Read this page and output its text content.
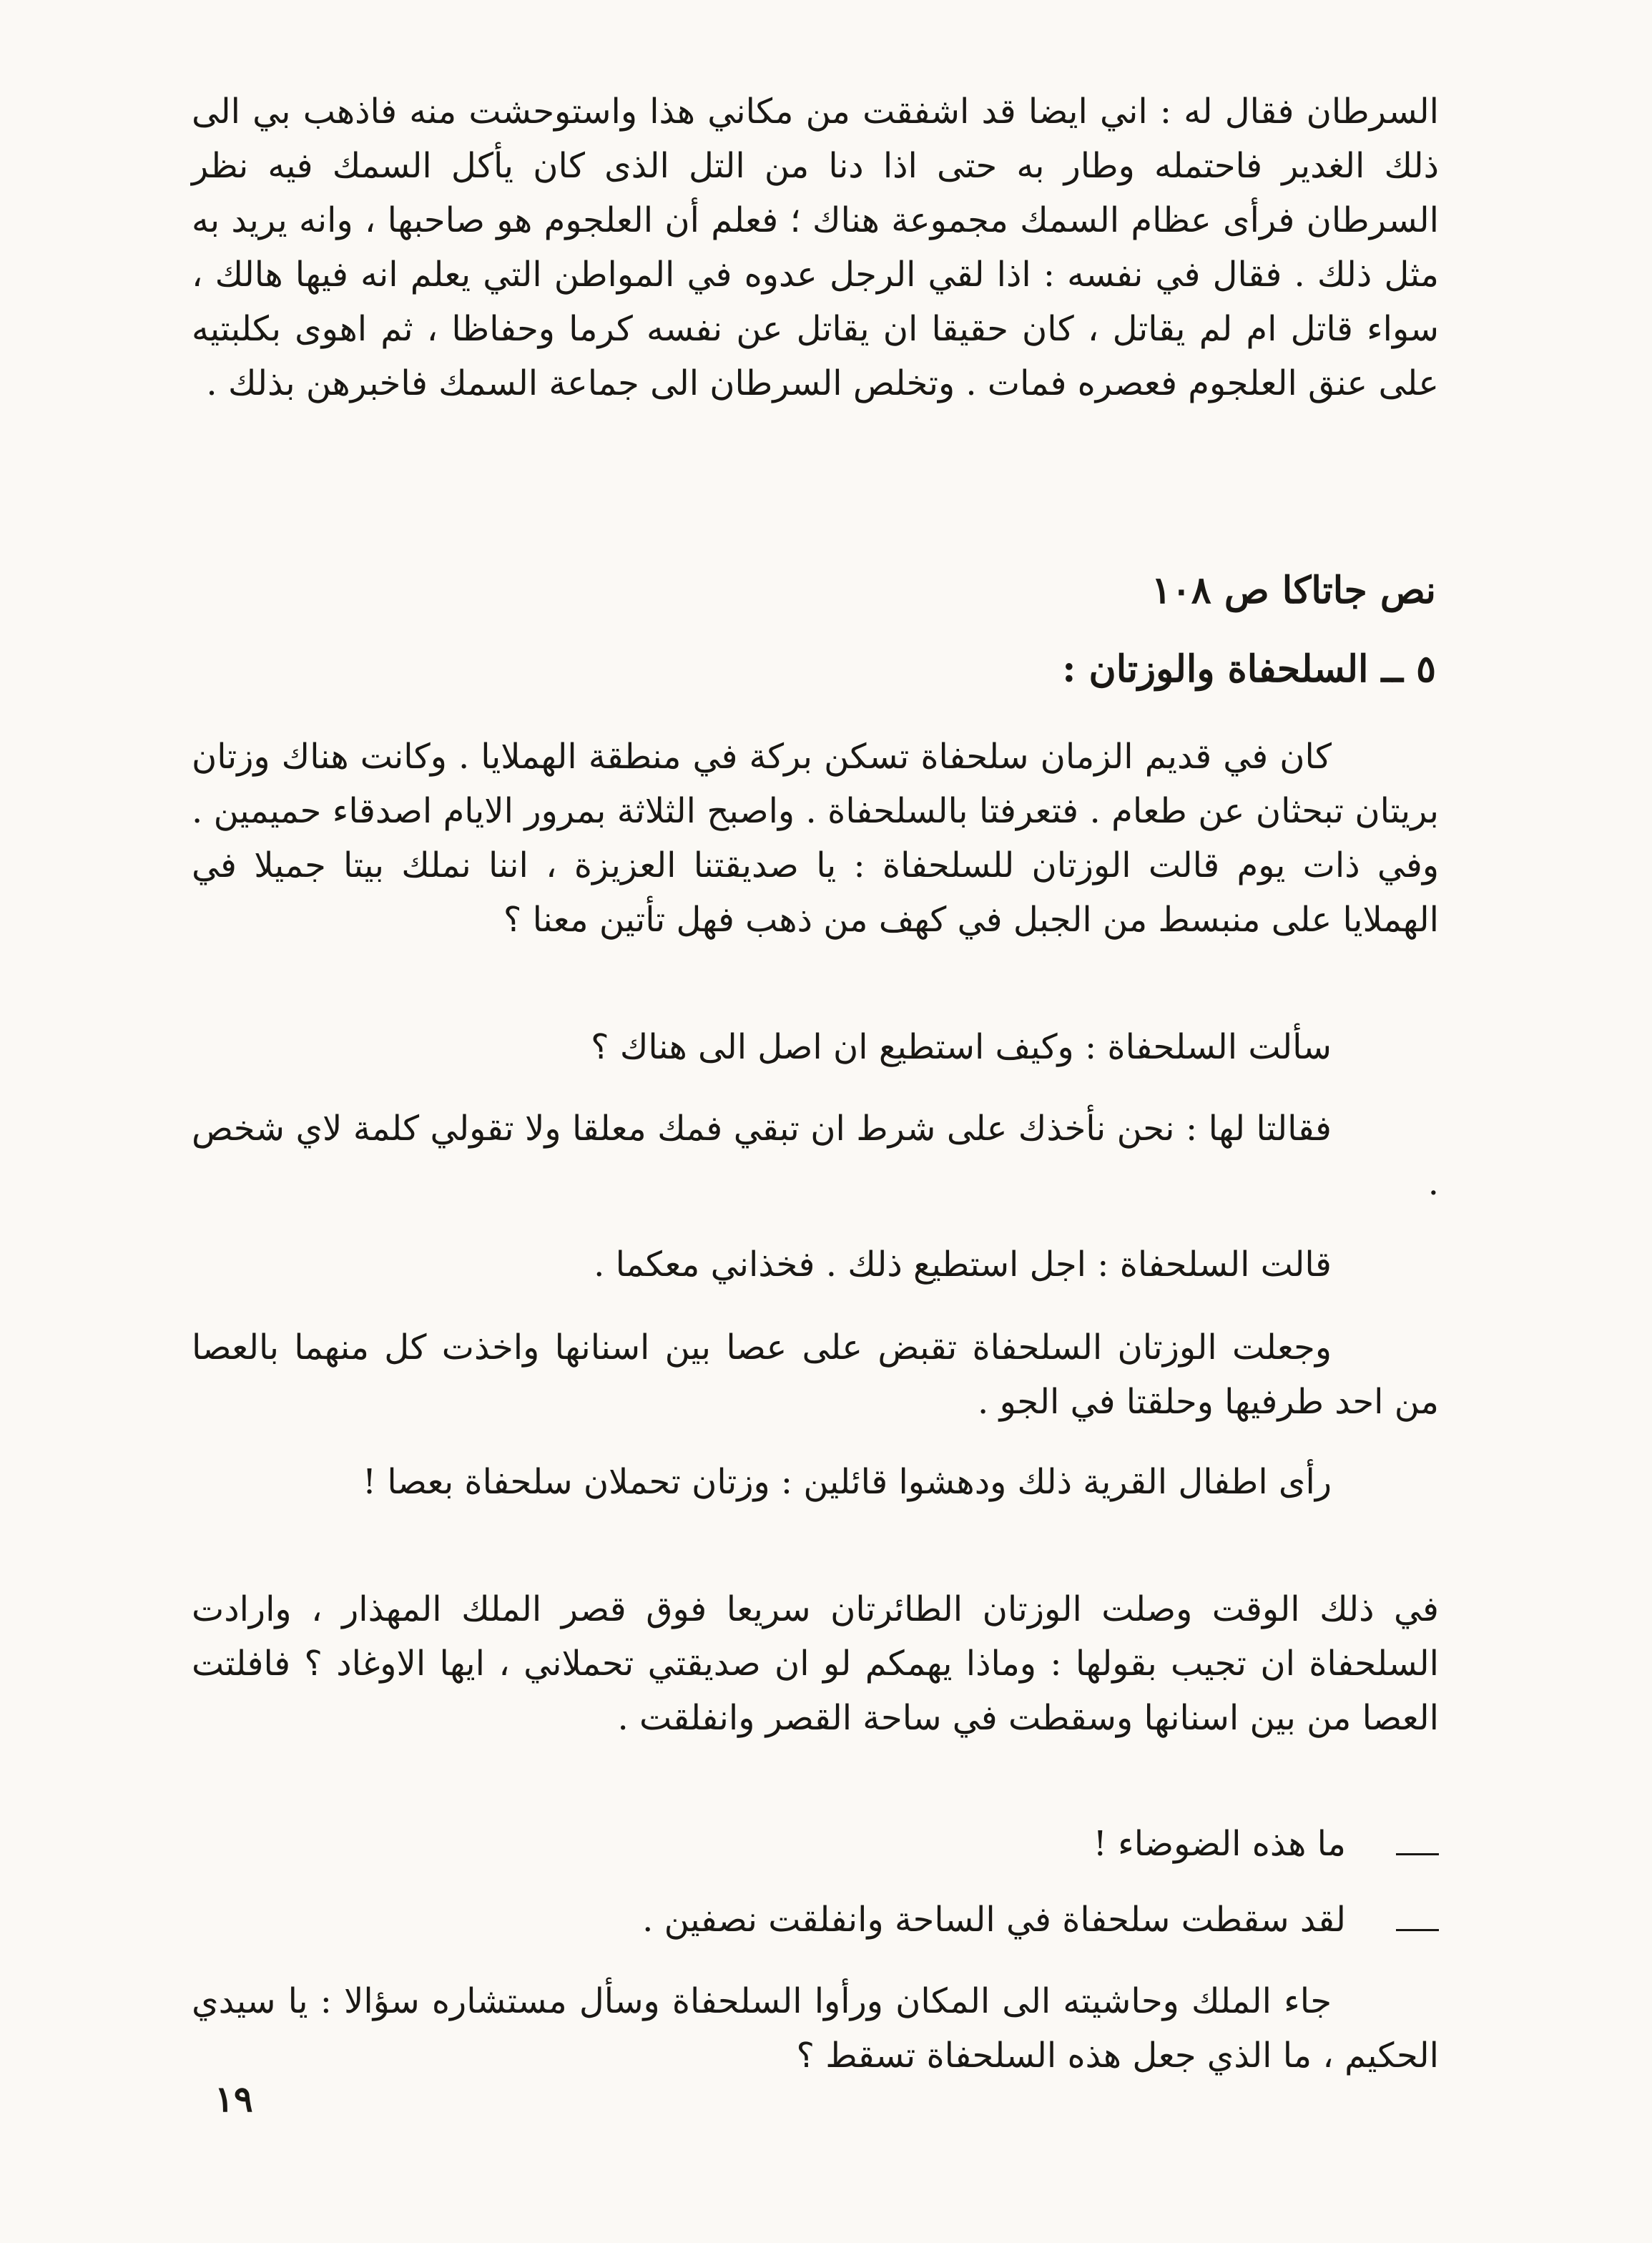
السرطان فقال له : اني ايضا قد اشفقت من مكاني هذا واستوحشت منه فاذهب بي الى ذلك الغدير فاحتمله وطار به حتى اذا دنا من التل الذى كان يأكل السمك فيه نظر السرطان فرأى عظام السمك مجموعة هناك ؛ فعلم أن العلجوم هو صاحبها ، وانه يريد به مثل ذلك . فقال في نفسه : اذا لقي الرجل عدوه في المواطن التي يعلم انه فيها هالك ، سواء قاتل ام لم يقاتل ، كان حقيقا ان يقاتل عن نفسه كرما وحفاظا ، ثم اهوى بكلبتيه على عنق العلجوم فعصره فمات . وتخلص السرطان الى جماعة السمك فاخبرهن بذلك .

نص جاتاكا ص ١٠٨

٥ ــ السلحفاة والوزتان :

كان في قديم الزمان سلحفاة تسكن بركة في منطقة الهملايا . وكانت هناك وزتان بريتان تبحثان عن طعام . فتعرفتا بالسلحفاة . واصبح الثلاثة بمرور الايام اصدقاء حميمين . وفي ذات يوم قالت الوزتان للسلحفاة : يا صديقتنا العزيزة ، اننا نملك بيتا جميلا في الهملايا على منبسط من الجبل في كهف من ذهب فهل تأتين معنا ؟

سألت السلحفاة : وكيف استطيع ان اصل الى هناك ؟

فقالتا لها : نحن نأخذك على شرط ان تبقي فمك معلقا ولا تقولي كلمة لاي شخص .

قالت السلحفاة : اجل استطيع ذلك . فخذاني معكما .

وجعلت الوزتان السلحفاة تقبض على عصا بين اسنانها واخذت كل منهما بالعصا من احد طرفيها وحلقتا في الجو .

رأى اطفال القرية ذلك ودهشوا قائلين : وزتان تحملان سلحفاة بعصا !

في ذلك الوقت وصلت الوزتان الطائرتان سريعا فوق قصر الملك المهذار ، وارادت السلحفاة ان تجيب بقولها : وماذا يهمكم لو ان صديقتي تحملاني ، ايها الاوغاد ؟ فافلتت العصا من بين اسنانها وسقطت في ساحة القصر وانفلقت .

ما هذه الضوضاء !

لقد سقطت سلحفاة في الساحة وانفلقت نصفين .

جاء الملك وحاشيته الى المكان ورأوا السلحفاة وسأل مستشاره سؤالا : يا سيدي الحكيم ، ما الذي جعل هذه السلحفاة تسقط ؟

١٩
